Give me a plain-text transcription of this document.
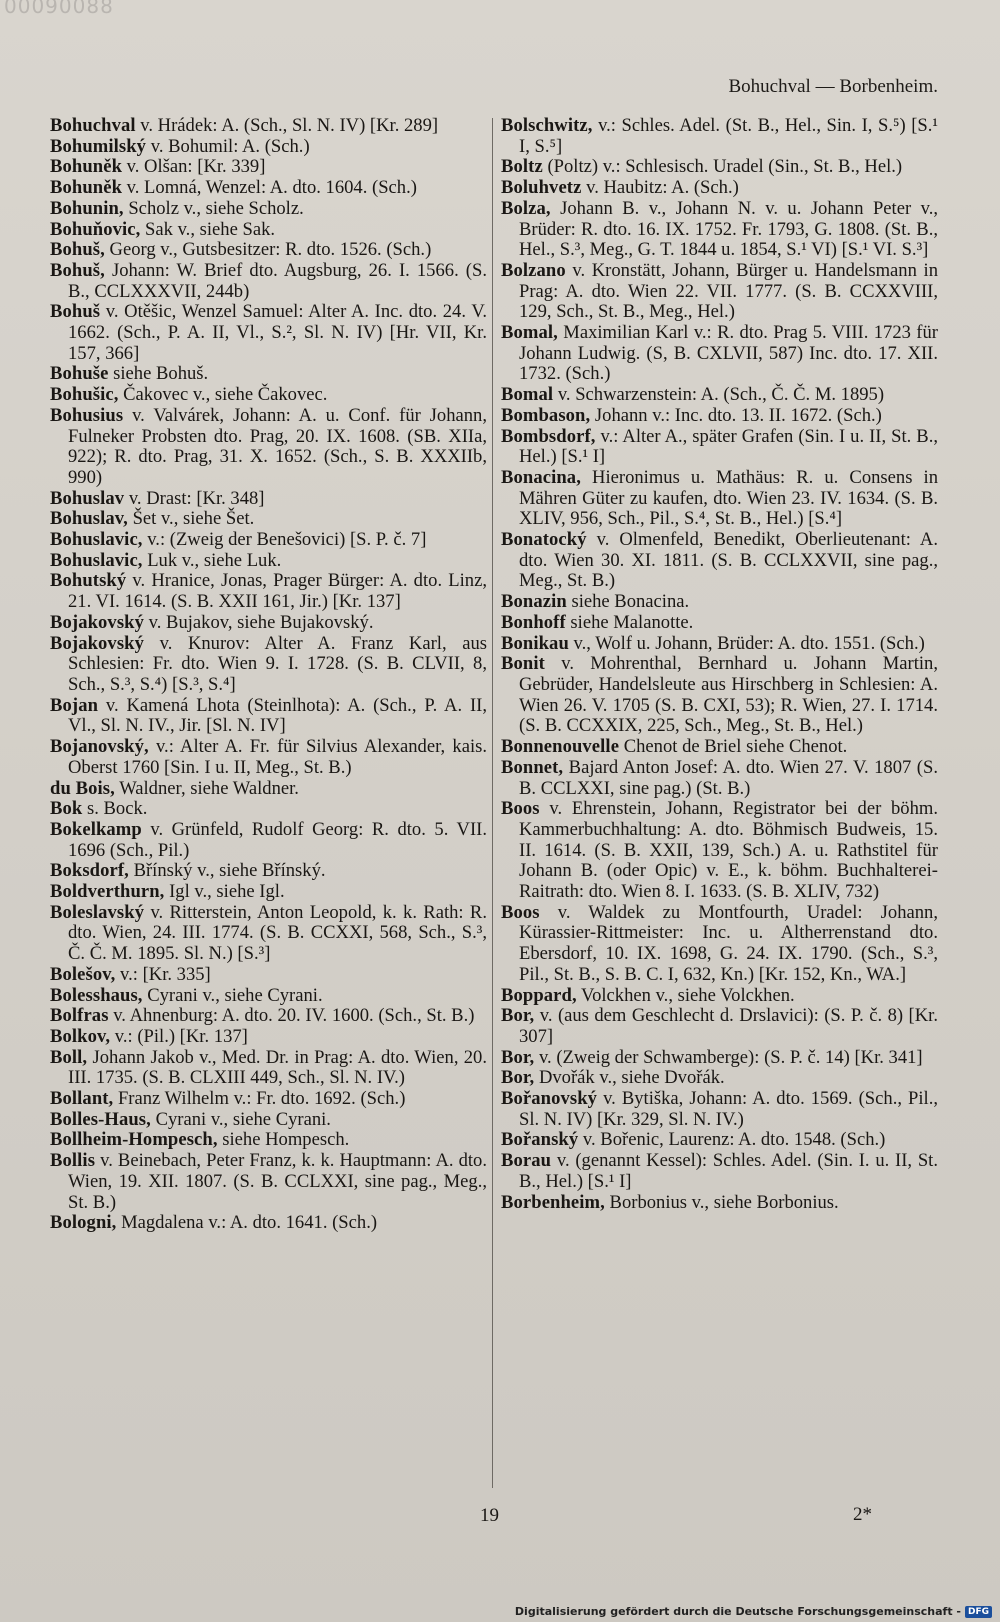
00090088
Bohuchval — Borbenheim.
Bohuchval v. Hrádek: A. (Sch., Sl. N. IV) [Kr. 289]
Bohumilský v. Bohumil: A. (Sch.)
Bohuněk v. Olšan: [Kr. 339]
Bohuněk v. Lomná, Wenzel: A. dto. 1604. (Sch.)
Bohunin, Scholz v., siehe Scholz.
Bohuňovic, Sak v., siehe Sak.
Bohuš, Georg v., Gutsbesitzer: R. dto. 1526. (Sch.)
Bohuš, Johann: W. Brief dto. Augsburg, 26. I. 1566. (S. B., CCLXXXVII, 244b)
Bohuš v. Otěšic, Wenzel Samuel: Alter A. Inc. dto. 24. V. 1662. (Sch., P. A. II, Vl., S.², Sl. N. IV) [Hr. VII, Kr. 157, 366]
Bohuše siehe Bohuš.
Bohušic, Čakovec v., siehe Čakovec.
Bohusius v. Valvárek, Johann: A. u. Conf. für Johann, Fulneker Probsten dto. Prag, 20. IX. 1608. (SB. XIIa, 922); R. dto. Prag, 31. X. 1652. (Sch., S. B. XXXIIb, 990)
Bohuslav v. Drast: [Kr. 348]
Bohuslav, Šet v., siehe Šet.
Bohuslavic, v.: (Zweig der Benešovici) [S. P. č. 7]
Bohuslavic, Luk v., siehe Luk.
Bohutský v. Hranice, Jonas, Prager Bürger: A. dto. Linz, 21. VI. 1614. (S. B. XXII 161, Jir.) [Kr. 137]
Bojakovský v. Bujakov, siehe Bujakovský.
Bojakovský v. Knurov: Alter A. Franz Karl, aus Schlesien: Fr. dto. Wien 9. I. 1728. (S. B. CLVII, 8, Sch., S.³, S.⁴) [S.³, S.⁴]
Bojan v. Kamená Lhota (Steinlhota): A. (Sch., P. A. II, Vl., Sl. N. IV., Jir. [Sl. N. IV]
Bojanovský, v.: Alter A. Fr. für Silvius Alexander, kais. Oberst 1760 [Sin. I u. II, Meg., St. B.)
du Bois, Waldner, siehe Waldner.
Bok s. Bock.
Bokelkamp v. Grünfeld, Rudolf Georg: R. dto. 5. VII. 1696 (Sch., Pil.)
Boksdorf, Břínský v., siehe Břínský.
Boldverthurn, Igl v., siehe Igl.
Boleslavský v. Ritterstein, Anton Leopold, k. k. Rath: R. dto. Wien, 24. III. 1774. (S. B. CCXXI, 568, Sch., S.³, Č. Č. M. 1895. Sl. N.) [S.³]
Bolešov, v.: [Kr. 335]
Bolesshaus, Cyrani v., siehe Cyrani.
Bolfras v. Ahnenburg: A. dto. 20. IV. 1600. (Sch., St. B.)
Bolkov, v.: (Pil.) [Kr. 137]
Boll, Johann Jakob v., Med. Dr. in Prag: A. dto. Wien, 20. III. 1735. (S. B. CLXIII 449, Sch., Sl. N. IV.)
Bollant, Franz Wilhelm v.: Fr. dto. 1692. (Sch.)
Bolles-Haus, Cyrani v., siehe Cyrani.
Bollheim-Hompesch, siehe Hompesch.
Bollis v. Beinebach, Peter Franz, k. k. Hauptmann: A. dto. Wien, 19. XII. 1807. (S. B. CCLXXI, sine pag., Meg., St. B.)
Bologni, Magdalena v.: A. dto. 1641. (Sch.)
Bolschwitz, v.: Schles. Adel. (St. B., Hel., Sin. I, S.⁵) [S.¹ I, S.⁵]
Boltz (Poltz) v.: Schlesisch. Uradel (Sin., St. B., Hel.)
Boluhvetz v. Haubitz: A. (Sch.)
Bolza, Johann B. v., Johann N. v. u. Johann Peter v., Brüder: R. dto. 16. IX. 1752. Fr. 1793, G. 1808. (St. B., Hel., S.³, Meg., G. T. 1844 u. 1854, S.¹ VI) [S.¹ VI. S.³]
Bolzano v. Kronstätt, Johann, Bürger u. Handelsmann in Prag: A. dto. Wien 22. VII. 1777. (S. B. CCXXVIII, 129, Sch., St. B., Meg., Hel.)
Bomal, Maximilian Karl v.: R. dto. Prag 5. VIII. 1723 für Johann Ludwig. (S, B. CXLVII, 587) Inc. dto. 17. XII. 1732. (Sch.)
Bomal v. Schwarzenstein: A. (Sch., Č. Č. M. 1895)
Bombason, Johann v.: Inc. dto. 13. II. 1672. (Sch.)
Bombsdorf, v.: Alter A., später Grafen (Sin. I u. II, St. B., Hel.) [S.¹ I]
Bonacina, Hieronimus u. Mathäus: R. u. Consens in Mähren Güter zu kaufen, dto. Wien 23. IV. 1634. (S. B. XLIV, 956, Sch., Pil., S.⁴, St. B., Hel.) [S.⁴]
Bonatocký v. Olmenfeld, Benedikt, Oberlieutenant: A. dto. Wien 30. XI. 1811. (S. B. CCLXXVII, sine pag., Meg., St. B.)
Bonazin siehe Bonacina.
Bonhoff siehe Malanotte.
Bonikau v., Wolf u. Johann, Brüder: A. dto. 1551. (Sch.)
Bonit v. Mohrenthal, Bernhard u. Johann Martin, Gebrüder, Handelsleute aus Hirschberg in Schlesien: A. Wien 26. V. 1705 (S. B. CXI, 53); R. Wien, 27. I. 1714. (S. B. CCXXIX, 225, Sch., Meg., St. B., Hel.)
Bonnenouvelle Chenot de Briel siehe Chenot.
Bonnet, Bajard Anton Josef: A. dto. Wien 27. V. 1807 (S. B. CCLXXI, sine pag.) (St. B.)
Boos v. Ehrenstein, Johann, Registrator bei der böhm. Kammerbuchhaltung: A. dto. Böhmisch Budweis, 15. II. 1614. (S. B. XXII, 139, Sch.) A. u. Rathstitel für Johann B. (oder Opic) v. E., k. böhm. Buchhalterei-Raitrath: dto. Wien 8. I. 1633. (S. B. XLIV, 732)
Boos v. Waldek zu Montfourth, Uradel: Johann, Kürassier-Rittmeister: Inc. u. Altherrenstand dto. Ebersdorf, 10. IX. 1698, G. 24. IX. 1790. (Sch., S.³, Pil., St. B., S. B. C. I, 632, Kn.) [Kr. 152, Kn., WA.]
Boppard, Volckhen v., siehe Volckhen.
Bor, v. (aus dem Geschlecht d. Drslavici): (S. P. č. 8) [Kr. 307]
Bor, v. (Zweig der Schwamberge): (S. P. č. 14) [Kr. 341]
Bor, Dvořák v., siehe Dvořák.
Bořanovský v. Bytiška, Johann: A. dto. 1569. (Sch., Pil., Sl. N. IV) [Kr. 329, Sl. N. IV.)
Bořanský v. Bořenic, Laurenz: A. dto. 1548. (Sch.)
Borau v. (genannt Kessel): Schles. Adel. (Sin. I. u. II, St. B., Hel.) [S.¹ I]
Borbenheim, Borbonius v., siehe Borbonius.
19	2*
Digitalisierung gefördert durch die Deutsche Forschungsgemeinschaft - DFG
